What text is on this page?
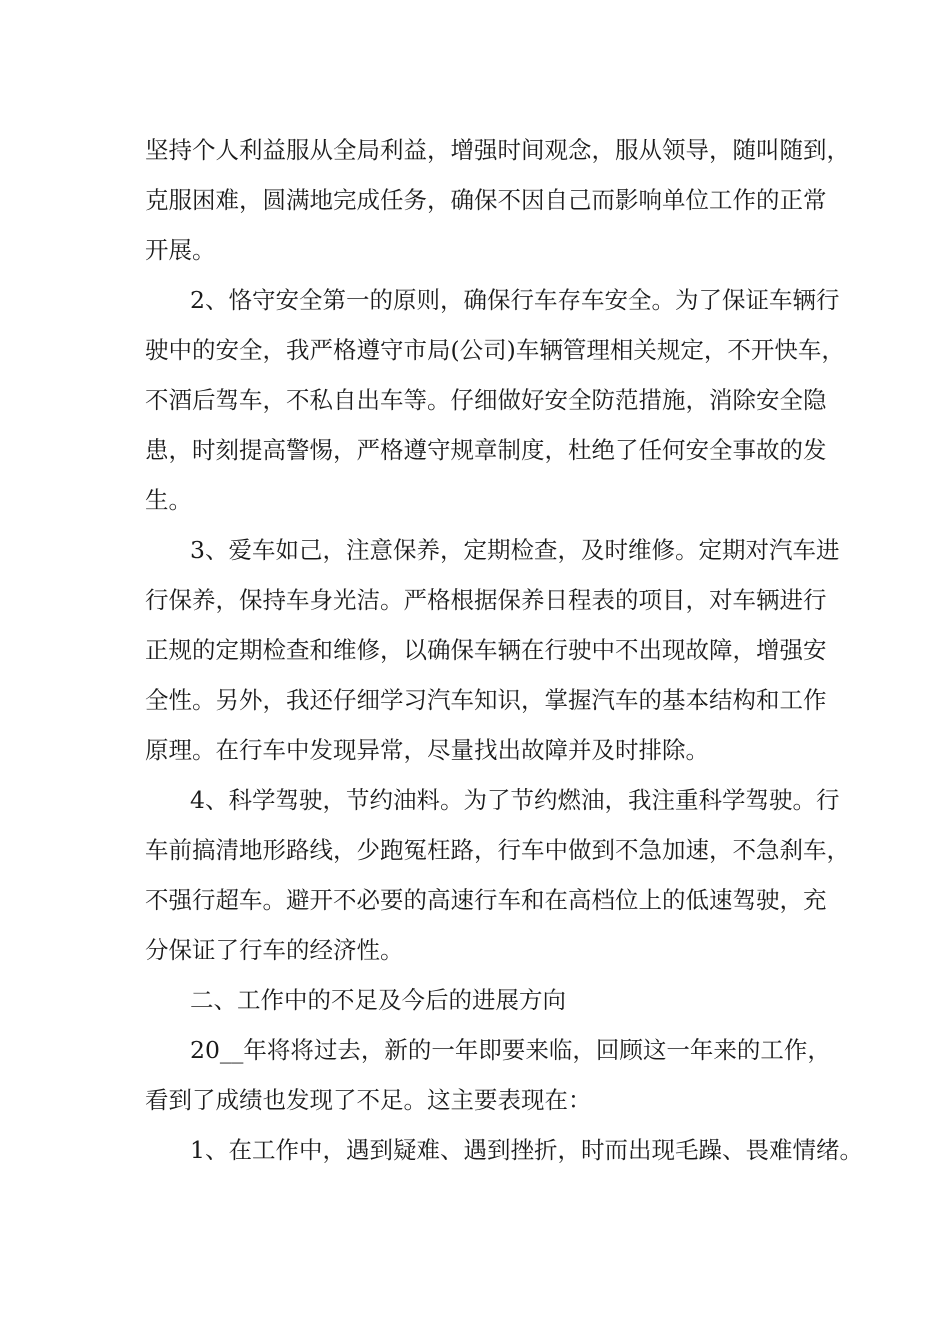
坚持个人利益服从全局利益，增强时间观念，服从领导，随叫随到，
克服困难，圆满地完成任务，确保不因自己而影响单位工作的正常
开展。
2、恪守安全第一的原则，确保行车存车安全。为了保证车辆行
驶中的安全，我严格遵守市局(公司)车辆管理相关规定，不开快车，
不酒后驾车，不私自出车等。仔细做好安全防范措施，消除安全隐
患，时刻提高警惕，严格遵守规章制度，杜绝了任何安全事故的发
生。
3、爱车如己，注意保养，定期检查，及时维修。定期对汽车进
行保养，保持车身光洁。严格根据保养日程表的项目，对车辆进行
正规的定期检查和维修，以确保车辆在行驶中不出现故障，增强安
全性。另外，我还仔细学习汽车知识，掌握汽车的基本结构和工作
原理。在行车中发现异常，尽量找出故障并及时排除。
4、科学驾驶，节约油料。为了节约燃油，我注重科学驾驶。行
车前搞清地形路线，少跑冤枉路，行车中做到不急加速，不急刹车，
不强行超车。避开不必要的高速行车和在高档位上的低速驾驶，充
分保证了行车的经济性。
二、工作中的不足及今后的进展方向
20__年将将过去，新的一年即要来临，回顾这一年来的工作，
看到了成绩也发现了不足。这主要表现在：
1、在工作中，遇到疑难、遇到挫折，时而出现毛躁、畏难情绪。
